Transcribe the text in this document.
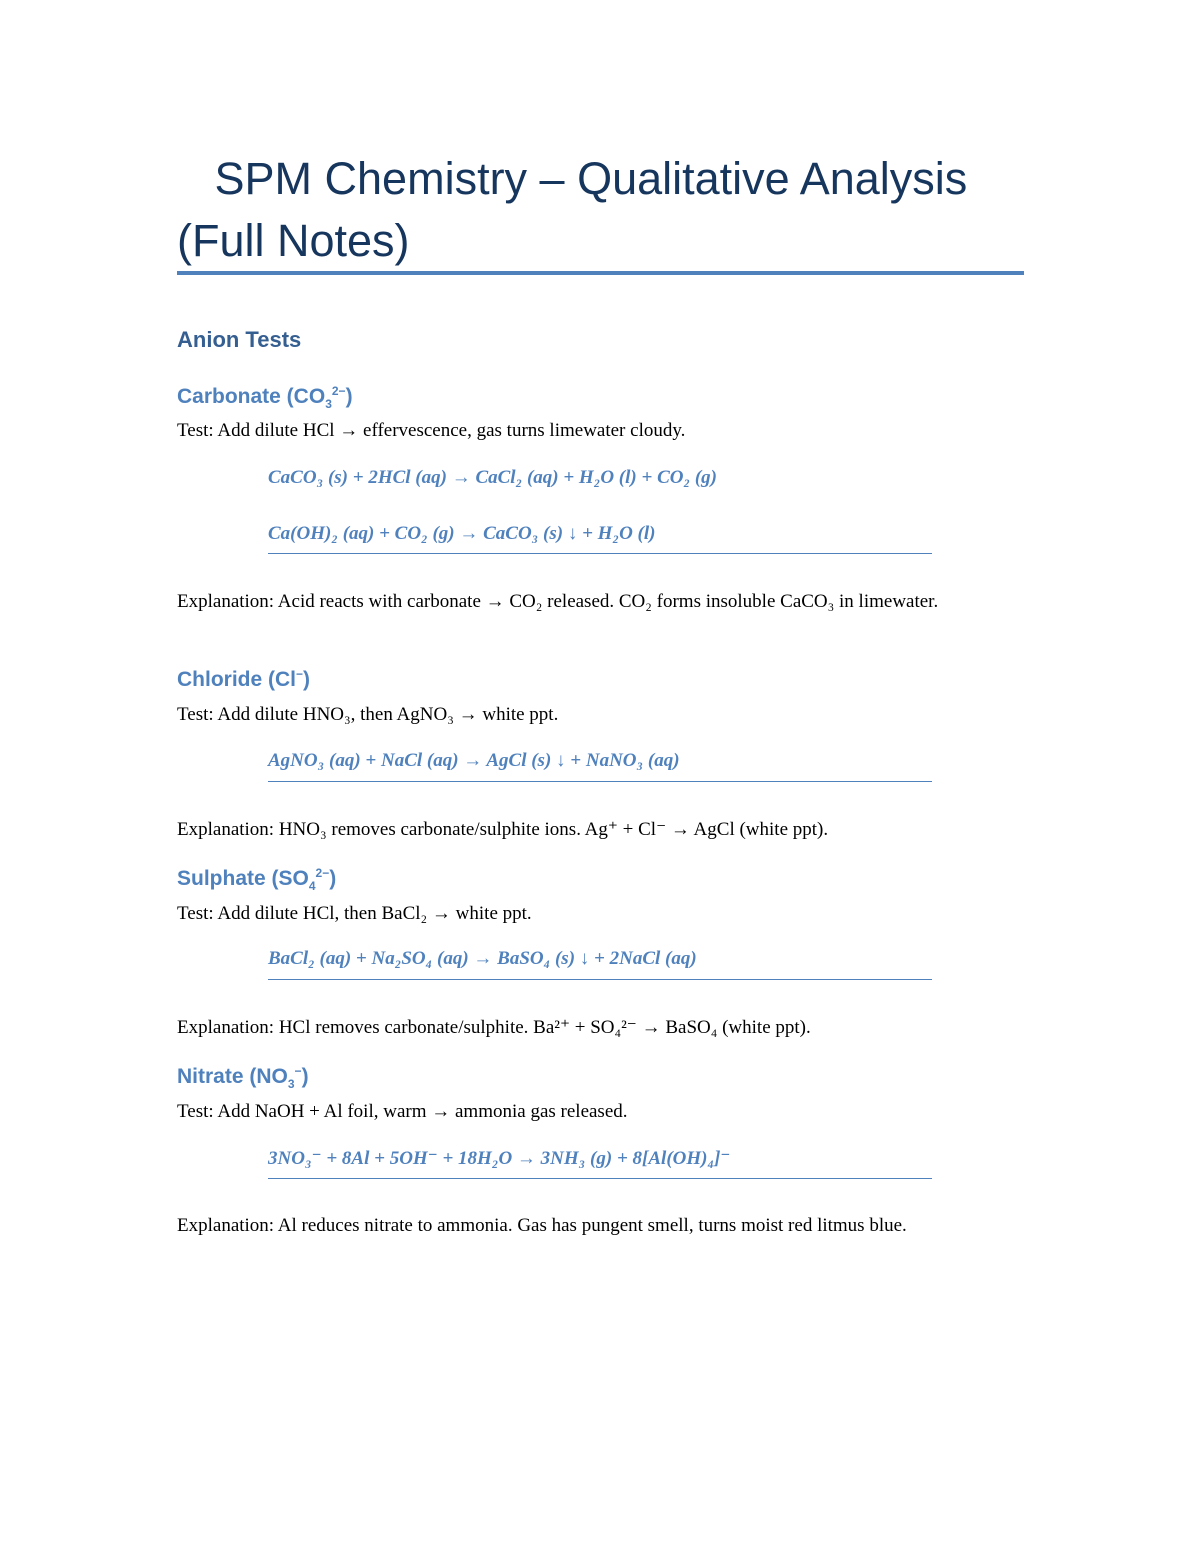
SPM Chemistry – Qualitative Analysis (Full Notes)
Anion Tests
Carbonate $(CO_3^{2-})$

Test: Add dilute HCl → effervescence, gas turns limewater cloudy.

CaCO₃ (s) + 2HCl (aq) → CaCl₂ (aq) + H₂O (l) + CO₂ (g)

Ca(OH)₂ (aq) + CO₂ (g) → CaCO₃ (s) ↓ + H₂O (l)

Explanation: Acid reacts with carbonate → CO₂ released. CO₂ forms insoluble CaCO₃ in limewater.

Chloride (Cl−)

Test: Add dilute HNO₃, then AgNO₃ → white ppt.

AgNO₃ (aq) + NaCl (aq) → AgCl (s) ↓ + NaNO₃ (aq)

Explanation: HNO₃ removes carbonate/sulphite ions. Ag⁺ + Cl⁻ → AgCl (white ppt).

Sulphate $(SO_4^{2-})$

Test: Add dilute HCl, then BaCl₂ → white ppt.

BaCl₂ (aq) + Na₂SO₄ (aq) → BaSO₄ (s) ↓ + 2NaCl (aq)

Explanation: HCl removes carbonate/sulphite. Ba²⁺ + SO₄²⁻ → BaSO₄ (white ppt).

Nitrate $(NO_3^-)$

Test: Add NaOH + Al foil, warm → ammonia gas released.

3NO₃⁻ + 8Al + 5OH⁻ + 18H₂O → 3NH₃ (g) + 8[Al(OH)₄]⁻

Explanation: Al reduces nitrate to ammonia. Gas has pungent smell, turns moist red litmus blue.
